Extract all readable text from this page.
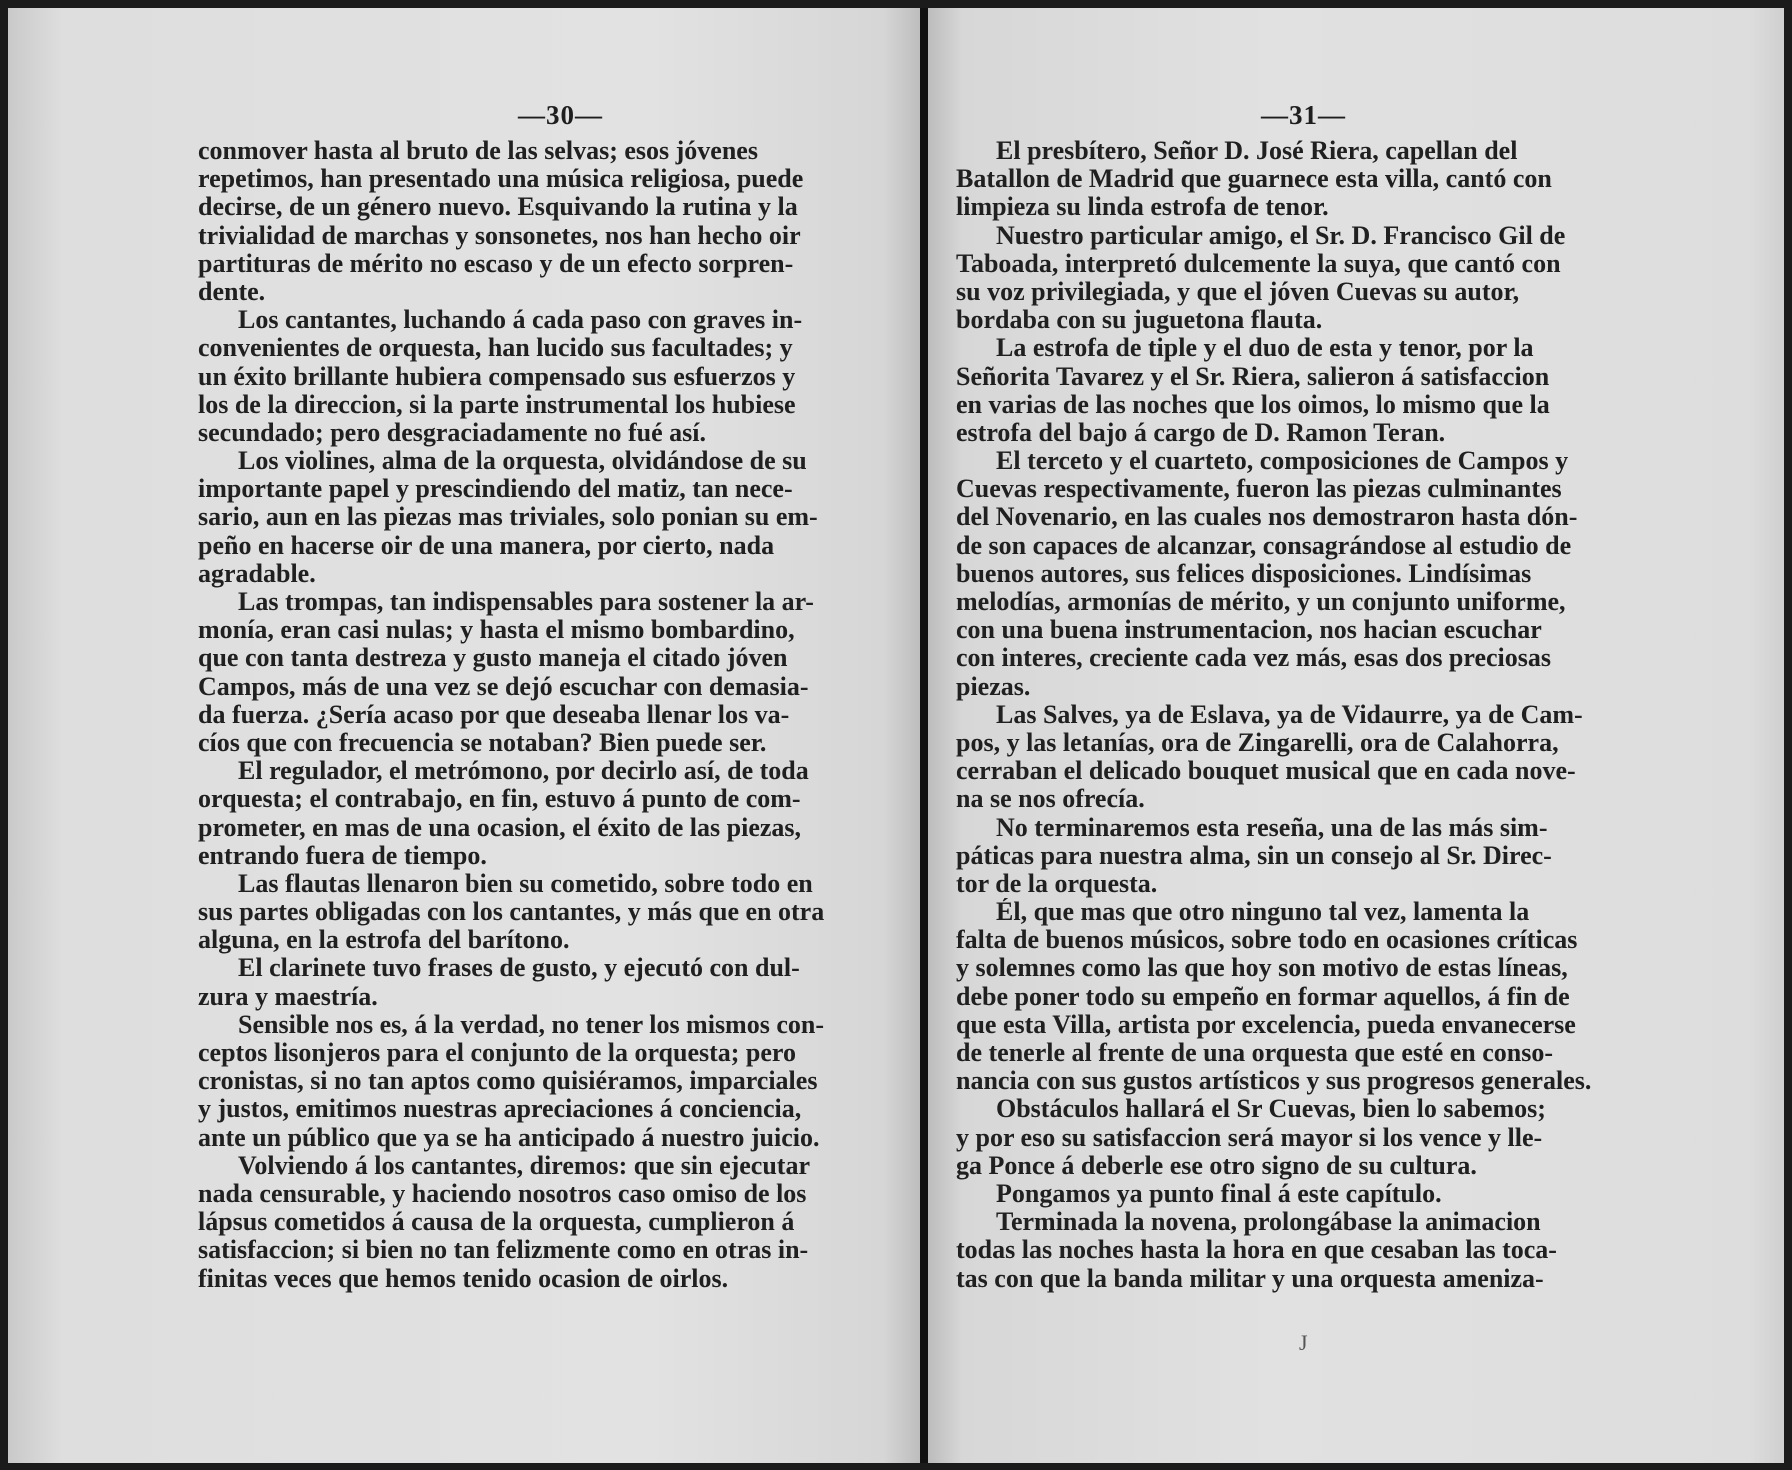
—30—
conmover hasta al bruto de las selvas; esos jóvenes
repetimos, han presentado una música religiosa, puede
decirse, de un género nuevo. Esquivando la rutina y la
trivialidad de marchas y sonsonetes, nos han hecho oir
partituras de mérito no escaso y de un efecto sorpren-
dente.
Los cantantes, luchando á cada paso con graves in-
convenientes de orquesta, han lucido sus facultades; y
un éxito brillante hubiera compensado sus esfuerzos y
los de la direccion, si la parte instrumental los hubiese
secundado; pero desgraciadamente no fué así.
Los violines, alma de la orquesta, olvidándose de su
importante papel y prescindiendo del matiz, tan nece-
sario, aun en las piezas mas triviales, solo ponian su em-
peño en hacerse oir de una manera, por cierto, nada
agradable.
Las trompas, tan indispensables para sostener la ar-
monía, eran casi nulas; y hasta el mismo bombardino,
que con tanta destreza y gusto maneja el citado jóven
Campos, más de una vez se dejó escuchar con demasia-
da fuerza. ¿Sería acaso por que deseaba llenar los va-
cíos que con frecuencia se notaban? Bien puede ser.
El regulador, el metrómono, por decirlo así, de toda
orquesta; el contrabajo, en fin, estuvo á punto de com-
prometer, en mas de una ocasion, el éxito de las piezas,
entrando fuera de tiempo.
Las flautas llenaron bien su cometido, sobre todo en
sus partes obligadas con los cantantes, y más que en otra
alguna, en la estrofa del barítono.
El clarinete tuvo frases de gusto, y ejecutó con dul-
zura y maestría.
Sensible nos es, á la verdad, no tener los mismos con-
ceptos lisonjeros para el conjunto de la orquesta; pero
cronistas, si no tan aptos como quisiéramos, imparciales
y justos, emitimos nuestras apreciaciones á conciencia,
ante un público que ya se ha anticipado á nuestro juicio.
Volviendo á los cantantes, diremos: que sin ejecutar
nada censurable, y haciendo nosotros caso omiso de los
lápsus cometidos á causa de la orquesta, cumplieron á
satisfaccion; si bien no tan felizmente como en otras in-
finitas veces que hemos tenido ocasion de oirlos.
—31—
El presbítero, Señor D. José Riera, capellan del
Batallon de Madrid que guarnece esta villa, cantó con
limpieza su linda estrofa de tenor.
Nuestro particular amigo, el Sr. D. Francisco Gil de
Taboada, interpretó dulcemente la suya, que cantó con
su voz privilegiada, y que el jóven Cuevas su autor,
bordaba con su juguetona flauta.
La estrofa de tiple y el duo de esta y tenor, por la
Señorita Tavarez y el Sr. Riera, salieron á satisfaccion
en varias de las noches que los oimos, lo mismo que la
estrofa del bajo á cargo de D. Ramon Teran.
El terceto y el cuarteto, composiciones de Campos y
Cuevas respectivamente, fueron las piezas culminantes
del Novenario, en las cuales nos demostraron hasta dón-
de son capaces de alcanzar, consagrándose al estudio de
buenos autores, sus felices disposiciones. Lindísimas
melodías, armonías de mérito, y un conjunto uniforme,
con una buena instrumentacion, nos hacian escuchar
con interes, creciente cada vez más, esas dos preciosas
piezas.
Las Salves, ya de Eslava, ya de Vidaurre, ya de Cam-
pos, y las letanías, ora de Zingarelli, ora de Calahorra,
cerraban el delicado bouquet musical que en cada nove-
na se nos ofrecía.
No terminaremos esta reseña, una de las más sim-
páticas para nuestra alma, sin un consejo al Sr. Direc-
tor de la orquesta.
Él, que mas que otro ninguno tal vez, lamenta la
falta de buenos músicos, sobre todo en ocasiones críticas
y solemnes como las que hoy son motivo de estas líneas,
debe poner todo su empeño en formar aquellos, á fin de
que esta Villa, artista por excelencia, pueda envanecerse
de tenerle al frente de una orquesta que esté en conso-
nancia con sus gustos artísticos y sus progresos generales.
Obstáculos hallará el Sr Cuevas, bien lo sabemos;
y por eso su satisfaccion será mayor si los vence y lle-
ga Ponce á deberle ese otro signo de su cultura.
Pongamos ya punto final á este capítulo.
Terminada la novena, prolongábase la animacion
todas las noches hasta la hora en que cesaban las toca-
tas con que la banda militar y una orquesta ameniza-
J
